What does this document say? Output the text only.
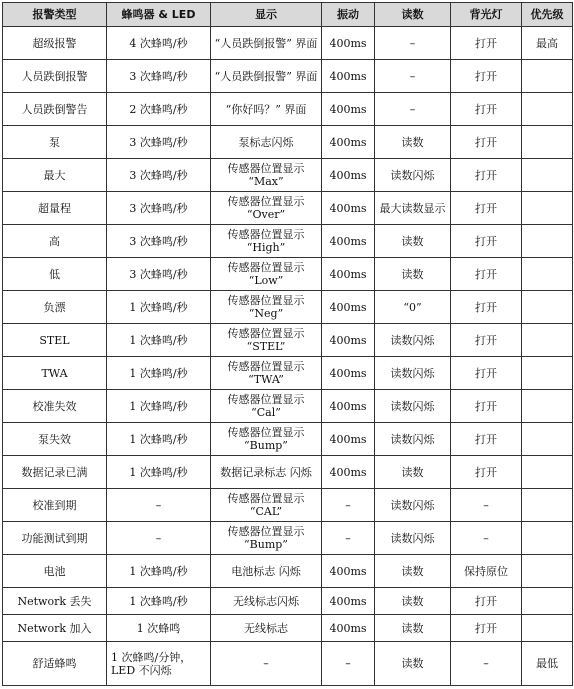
报警类型	蜂鸣器 & LED	显示	振动	读数	背光灯	优先级
超级报警	4 次蜂鸣/秒	“人员跌倒报警” 界面	400ms	–	打开	最高
人员跌倒报警	3 次蜂鸣/秒	“人员跌倒报警” 界面	400ms	–	打开	
人员跌倒警告	2 次蜂鸣/秒	“你好吗？” 界面	400ms	–	打开	
泵	3 次蜂鸣/秒	泵标志闪烁	400ms	读数	打开	
最大	3 次蜂鸣/秒	传感器位置显示 “Max”	400ms	读数闪烁	打开	
超量程	3 次蜂鸣/秒	传感器位置显示 “Over”	400ms	最大读数显示	打开	
高	3 次蜂鸣/秒	传感器位置显示 “High”	400ms	读数	打开	
低	3 次蜂鸣/秒	传感器位置显示 “Low”	400ms	读数	打开	
负漂	1 次蜂鸣/秒	传感器位置显示 “Neg”	400ms	“0”	打开	
STEL	1 次蜂鸣/秒	传感器位置显示 “STEL”	400ms	读数闪烁	打开	
TWA	1 次蜂鸣/秒	传感器位置显示 “TWA”	400ms	读数闪烁	打开	
校准失效	1 次蜂鸣/秒	传感器位置显示 “Cal”	400ms	读数闪烁	打开	
泵失效	1 次蜂鸣/秒	传感器位置显示 “Bump”	400ms	读数闪烁	打开	
数据记录已满	1 次蜂鸣/秒	数据记录标志 闪烁	400ms	读数	打开	
校准到期	–	传感器位置显示 “CAL”	–	读数闪烁	–	
功能测试到期	–	传感器位置显示 “Bump”	–	读数闪烁	–	
电池	1 次蜂鸣/秒	电池标志 闪烁	400ms	读数	保持原位	
Network 丢失	1 次蜂鸣/秒	无线标志闪烁	400ms	读数	打开	
Network 加入	1 次蜂鸣	无线标志	400ms	读数	打开	
舒适蜂鸣	1 次蜂鸣/分钟， LED 不闪烁	–	–	读数	–	最低
